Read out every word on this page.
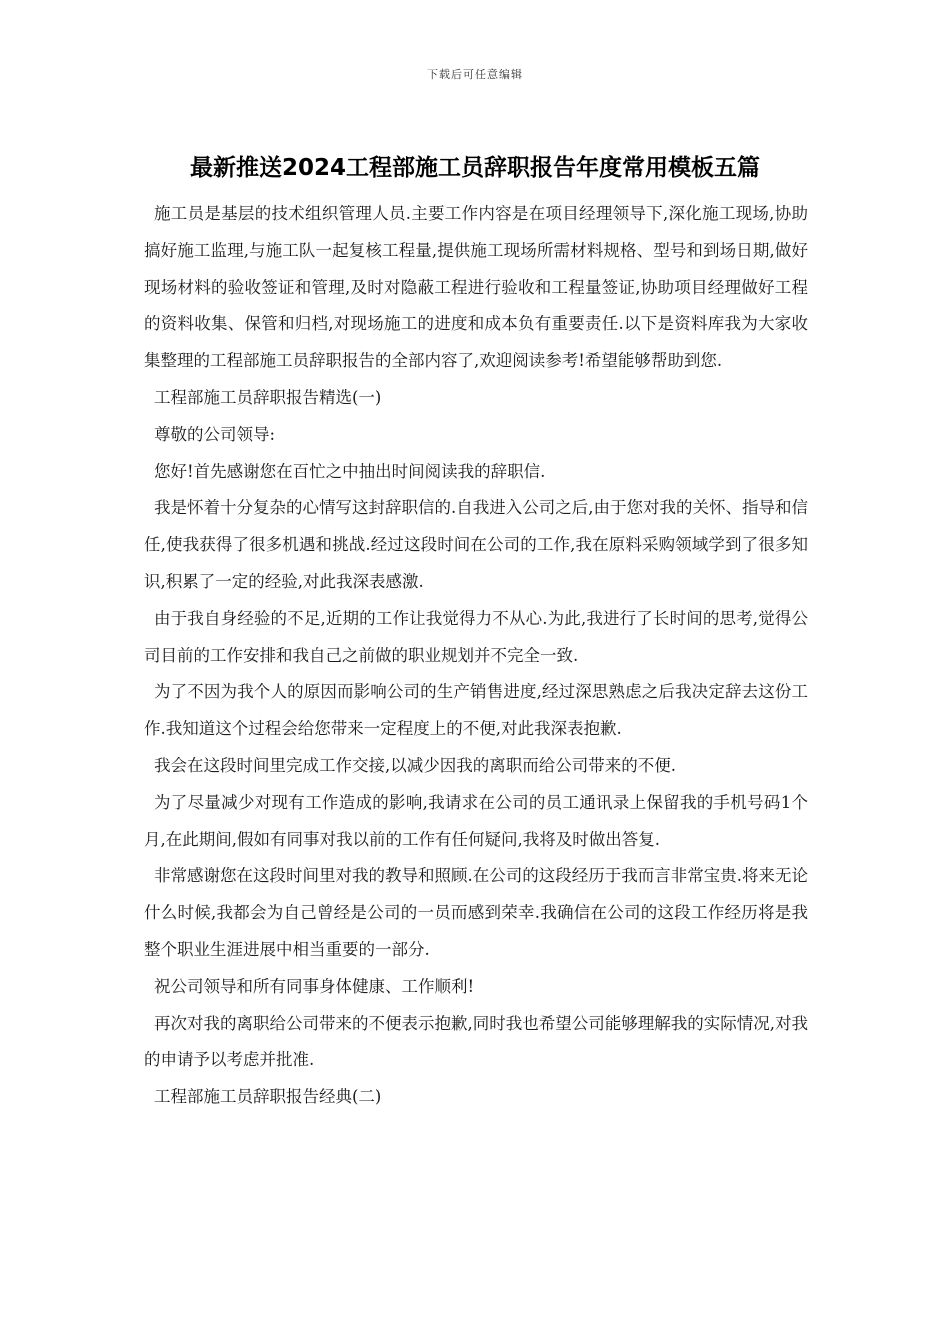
下载后可任意编辑
最新推送2024工程部施工员辞职报告年度常用模板五篇

施工员是基层的技术组织管理人员.主要工作内容是在项目经理领导下,深化施工现场,协助搞好施工监理,与施工队一起复核工程量,提供施工现场所需材料规格、型号和到场日期,做好现场材料的验收签证和管理,及时对隐蔽工程进行验收和工程量签证,协助项目经理做好工程的资料收集、保管和归档,对现场施工的进度和成本负有重要责任.以下是资料库我为大家收集整理的工程部施工员辞职报告的全部内容了,欢迎阅读参考!希望能够帮助到您.

工程部施工员辞职报告精选(一)

尊敬的公司领导:

您好!首先感谢您在百忙之中抽出时间阅读我的辞职信.

我是怀着十分复杂的心情写这封辞职信的.自我进入公司之后,由于您对我的关怀、指导和信任,使我获得了很多机遇和挑战.经过这段时间在公司的工作,我在原料采购领域学到了很多知识,积累了一定的经验,对此我深表感激.

由于我自身经验的不足,近期的工作让我觉得力不从心.为此,我进行了长时间的思考,觉得公司目前的工作安排和我自己之前做的职业规划并不完全一致.

为了不因为我个人的原因而影响公司的生产销售进度,经过深思熟虑之后我决定辞去这份工作.我知道这个过程会给您带来一定程度上的不便,对此我深表抱歉.

我会在这段时间里完成工作交接,以减少因我的离职而给公司带来的不便.

为了尽量减少对现有工作造成的影响,我请求在公司的员工通讯录上保留我的手机号码1个月,在此期间,假如有同事对我以前的工作有任何疑问,我将及时做出答复.

非常感谢您在这段时间里对我的教导和照顾.在公司的这段经历于我而言非常宝贵.将来无论什么时候,我都会为自己曾经是公司的一员而感到荣幸.我确信在公司的这段工作经历将是我整个职业生涯进展中相当重要的一部分.

祝公司领导和所有同事身体健康、工作顺利!

再次对我的离职给公司带来的不便表示抱歉,同时我也希望公司能够理解我的实际情况,对我的申请予以考虑并批准.

工程部施工员辞职报告经典(二)
